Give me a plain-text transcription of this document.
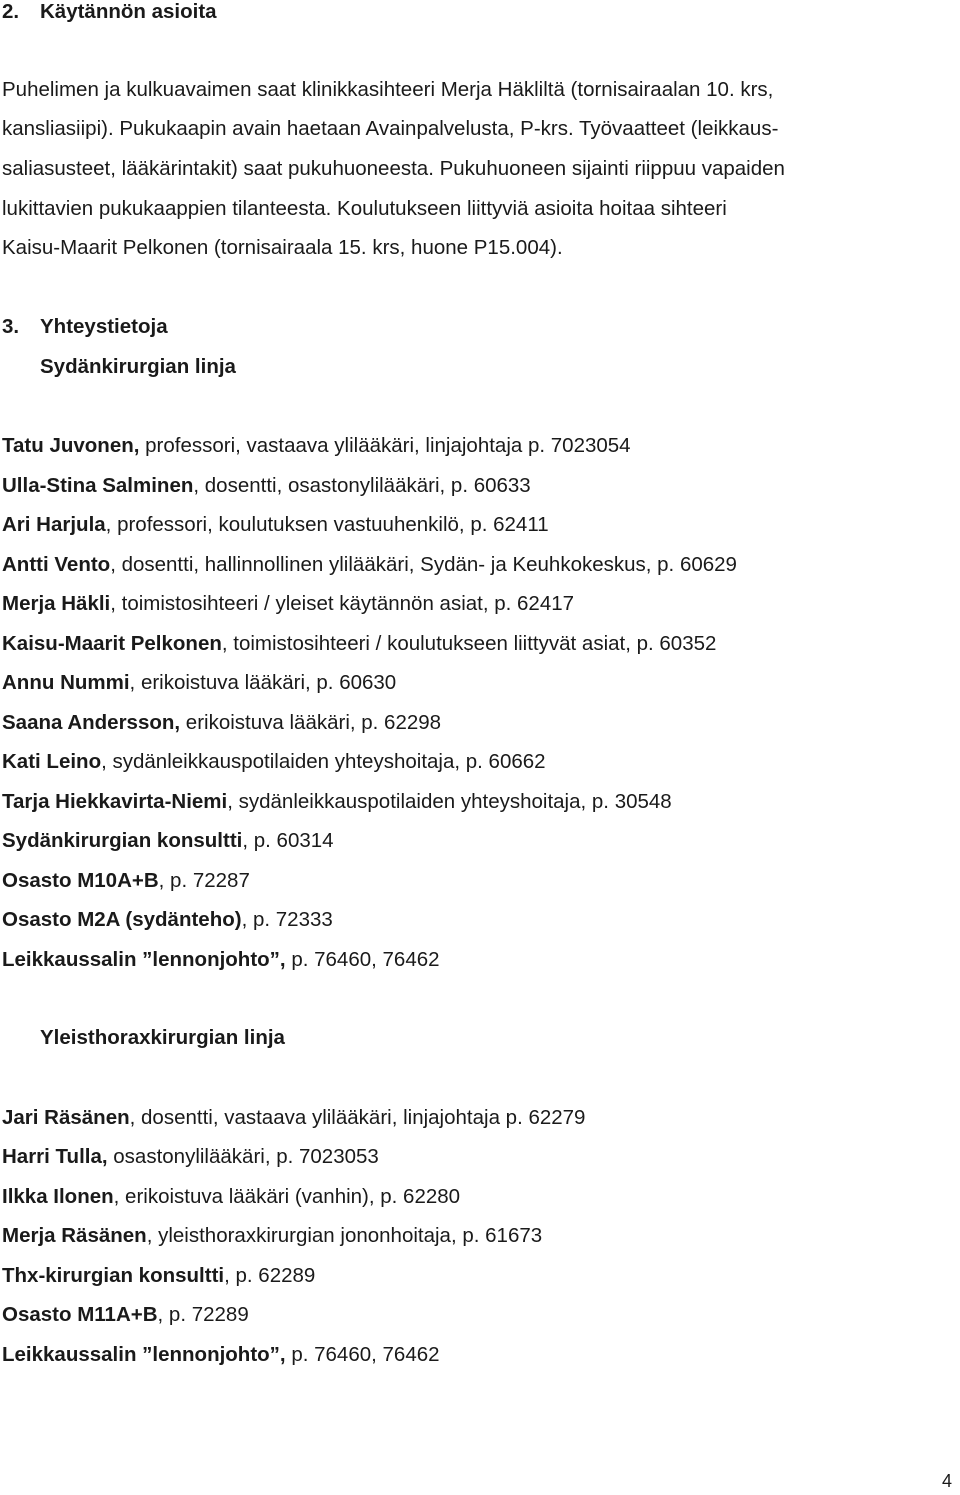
2. Käytännön asioita
Puhelimen ja kulkuavaimen saat klinikkasihteeri Merja Häkliltä (tornisairaalan 10. krs,
kansliasiipi). Pukukaapin avain haetaan Avainpalvelusta, P-krs. Työvaatteet (leikkaus-
saliasusteet, lääkärintakit) saat pukuhuoneesta. Pukuhuoneen sijainti riippuu vapaiden
lukittavien pukukaappien tilanteesta. Koulutukseen liittyviä asioita hoitaa sihteeri
Kaisu-Maarit Pelkonen (tornisairaala 15. krs, huone P15.004).
3. Yhteystietoja
Sydänkirurgian linja
Tatu Juvonen, professori, vastaava ylilääkäri, linjajohtaja p. 7023054
Ulla-Stina Salminen, dosentti, osastonylilääkäri, p. 60633
Ari Harjula, professori, koulutuksen vastuuhenkilö, p. 62411
Antti Vento, dosentti, hallinnollinen ylilääkäri, Sydän- ja Keuhkokeskus, p. 60629
Merja Häkli, toimistosihteeri / yleiset käytännön asiat, p. 62417
Kaisu-Maarit Pelkonen, toimistosihteeri / koulutukseen liittyvät asiat, p. 60352
Annu Nummi, erikoistuva lääkäri, p. 60630
Saana Andersson, erikoistuva lääkäri, p. 62298
Kati Leino, sydänleikkauspotilaiden yhteyshoitaja, p. 60662
Tarja Hiekkavirta-Niemi, sydänleikkauspotilaiden yhteyshoitaja, p. 30548
Sydänkirurgian konsultti, p. 60314
Osasto M10A+B, p. 72287
Osasto M2A (sydänteho), p. 72333
Leikkaussalin ”lennonjohto”, p. 76460, 76462
Yleisthoraxkirurgian linja
Jari Räsänen, dosentti, vastaava ylilääkäri, linjajohtaja p. 62279
Harri Tulla, osastonylilääkäri, p. 7023053
Ilkka Ilonen, erikoistuva lääkäri (vanhin), p. 62280
Merja Räsänen, yleisthoraxkirurgian jononhoitaja, p. 61673
Thx-kirurgian konsultti, p. 62289
Osasto M11A+B, p. 72289
Leikkaussalin ”lennonjohto”, p. 76460, 76462
4
